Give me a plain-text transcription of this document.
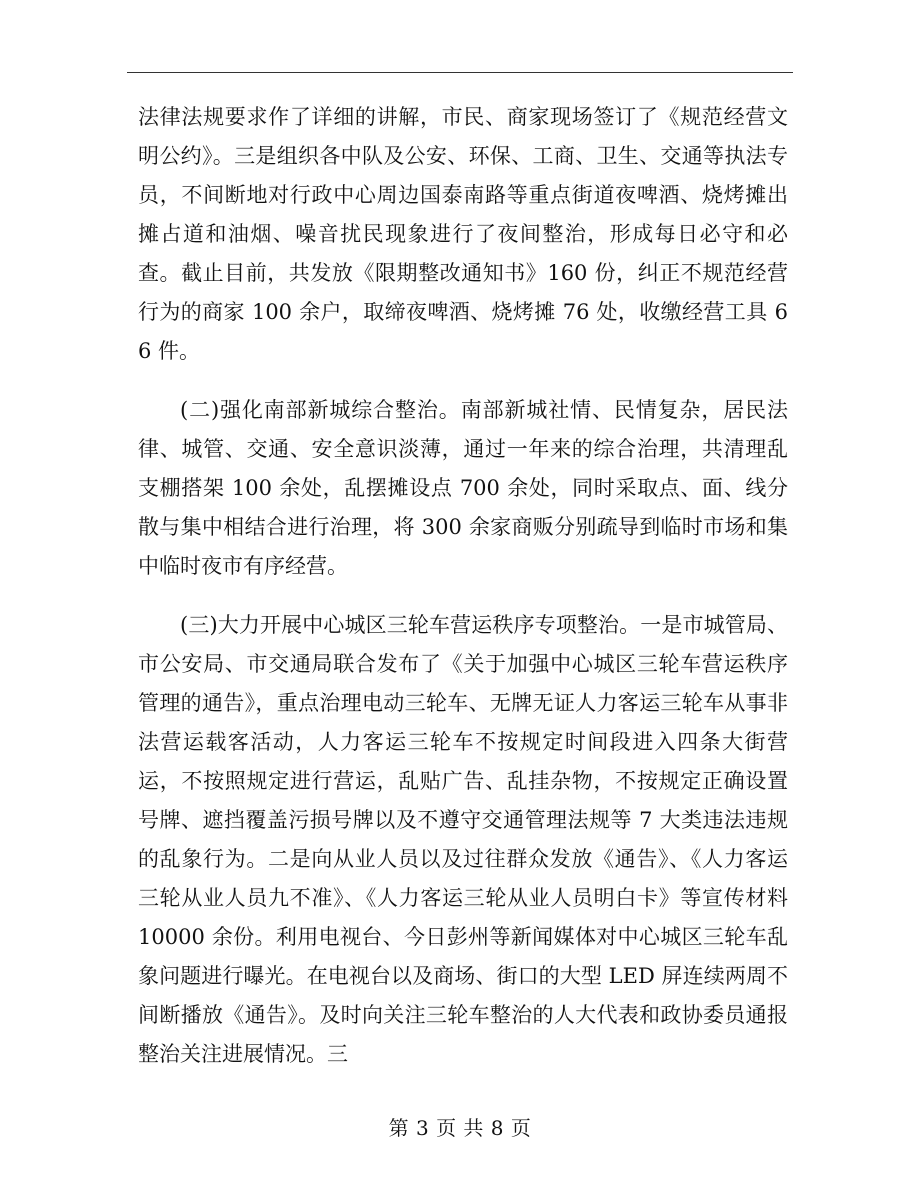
法律法规要求作了详细的讲解，市民、商家现场签订了《规范经营文明公约》。三是组织各中队及公安、环保、工商、卫生、交通等执法专员，不间断地对行政中心周边国泰南路等重点街道夜啤酒、烧烤摊出摊占道和油烟、噪音扰民现象进行了夜间整治，形成每日必守和必查。截止目前，共发放《限期整改通知书》160 份，纠正不规范经营行为的商家 100 余户，取缔夜啤酒、烧烤摊 76 处，收缴经营工具 66 件。

(二)强化南部新城综合整治。南部新城社情、民情复杂，居民法律、城管、交通、安全意识淡薄，通过一年来的综合治理，共清理乱支棚搭架 100 余处，乱摆摊设点 700 余处，同时采取点、面、线分散与集中相结合进行治理，将 300 余家商贩分别疏导到临时市场和集中临时夜市有序经营。

(三)大力开展中心城区三轮车营运秩序专项整治。一是市城管局、市公安局、市交通局联合发布了《关于加强中心城区三轮车营运秩序管理的通告》，重点治理电动三轮车、无牌无证人力客运三轮车从事非法营运载客活动，人力客运三轮车不按规定时间段进入四条大街营运，不按照规定进行营运，乱贴广告、乱挂杂物，不按规定正确设置号牌、遮挡覆盖污损号牌以及不遵守交通管理法规等 7 大类违法违规的乱象行为。二是向从业人员以及过往群众发放《通告》、《人力客运三轮从业人员九不准》、《人力客运三轮从业人员明白卡》等宣传材料 10000 余份。利用电视台、今日彭州等新闻媒体对中心城区三轮车乱象问题进行曝光。在电视台以及商场、街口的大型 LED 屏连续两周不间断播放《通告》。及时向关注三轮车整治的人大代表和政协委员通报整治关注进展情况。三

第 3 页 共 8 页
